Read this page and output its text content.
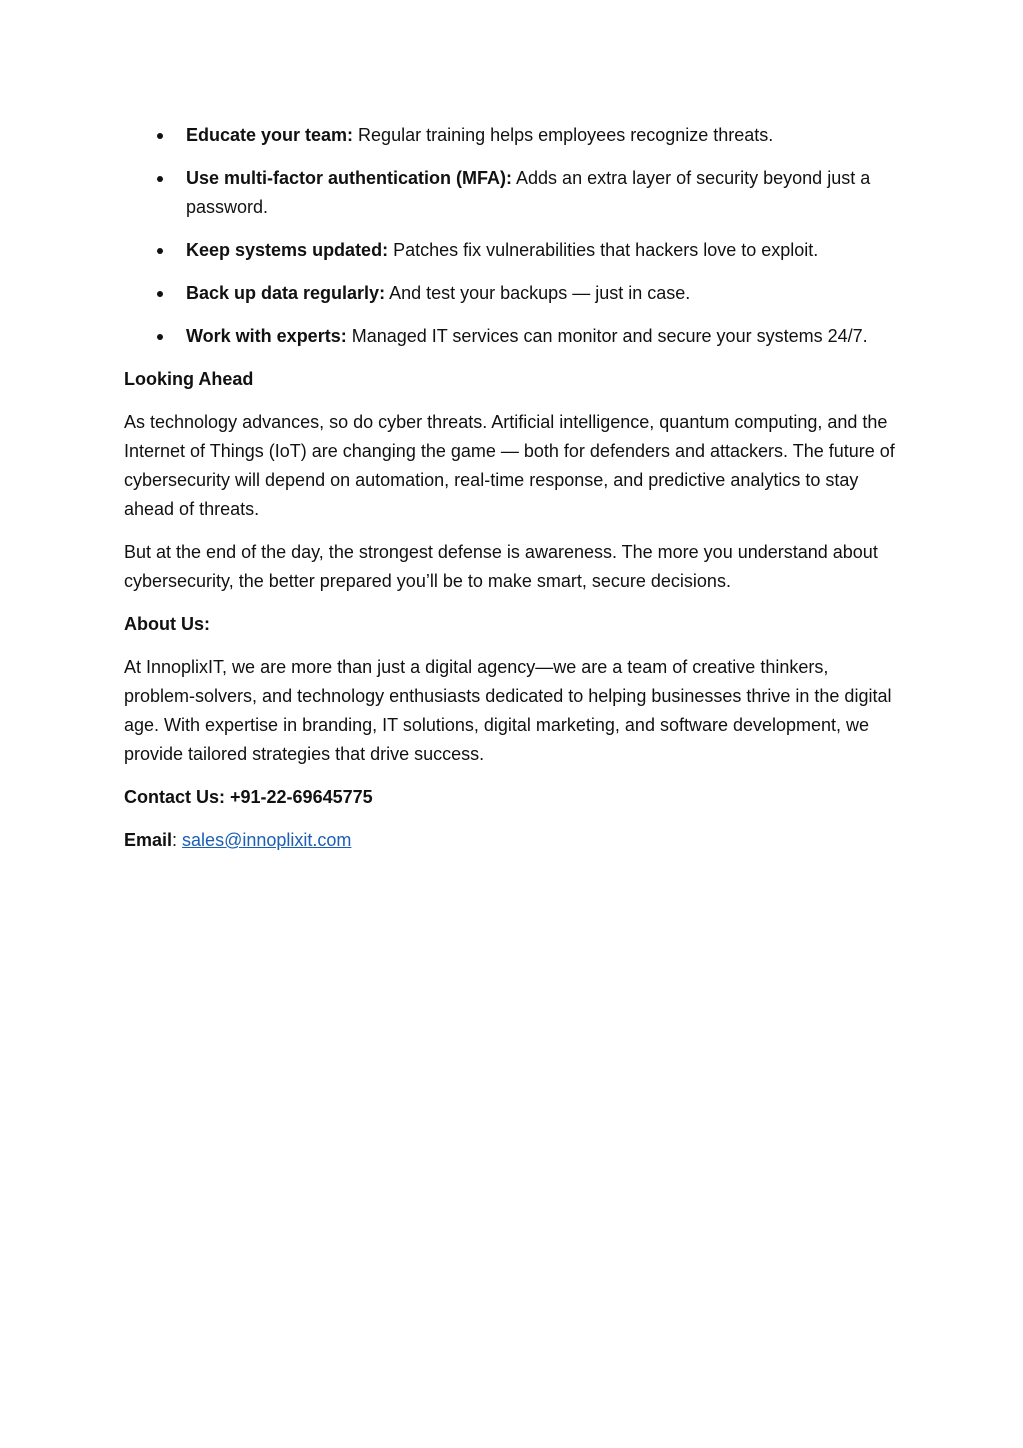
Educate your team: Regular training helps employees recognize threats.
Use multi-factor authentication (MFA): Adds an extra layer of security beyond just a password.
Keep systems updated: Patches fix vulnerabilities that hackers love to exploit.
Back up data regularly: And test your backups — just in case.
Work with experts: Managed IT services can monitor and secure your systems 24/7.

Looking Ahead

As technology advances, so do cyber threats. Artificial intelligence, quantum computing, and the Internet of Things (IoT) are changing the game — both for defenders and attackers. The future of cybersecurity will depend on automation, real-time response, and predictive analytics to stay ahead of threats.

But at the end of the day, the strongest defense is awareness. The more you understand about cybersecurity, the better prepared you’ll be to make smart, secure decisions.

About Us:

At InnoplixIT, we are more than just a digital agency—we are a team of creative thinkers, problem-solvers, and technology enthusiasts dedicated to helping businesses thrive in the digital age. With expertise in branding, IT solutions, digital marketing, and software development, we provide tailored strategies that drive success.

Contact Us: +91-22-69645775

Email: sales@innoplixit.com
